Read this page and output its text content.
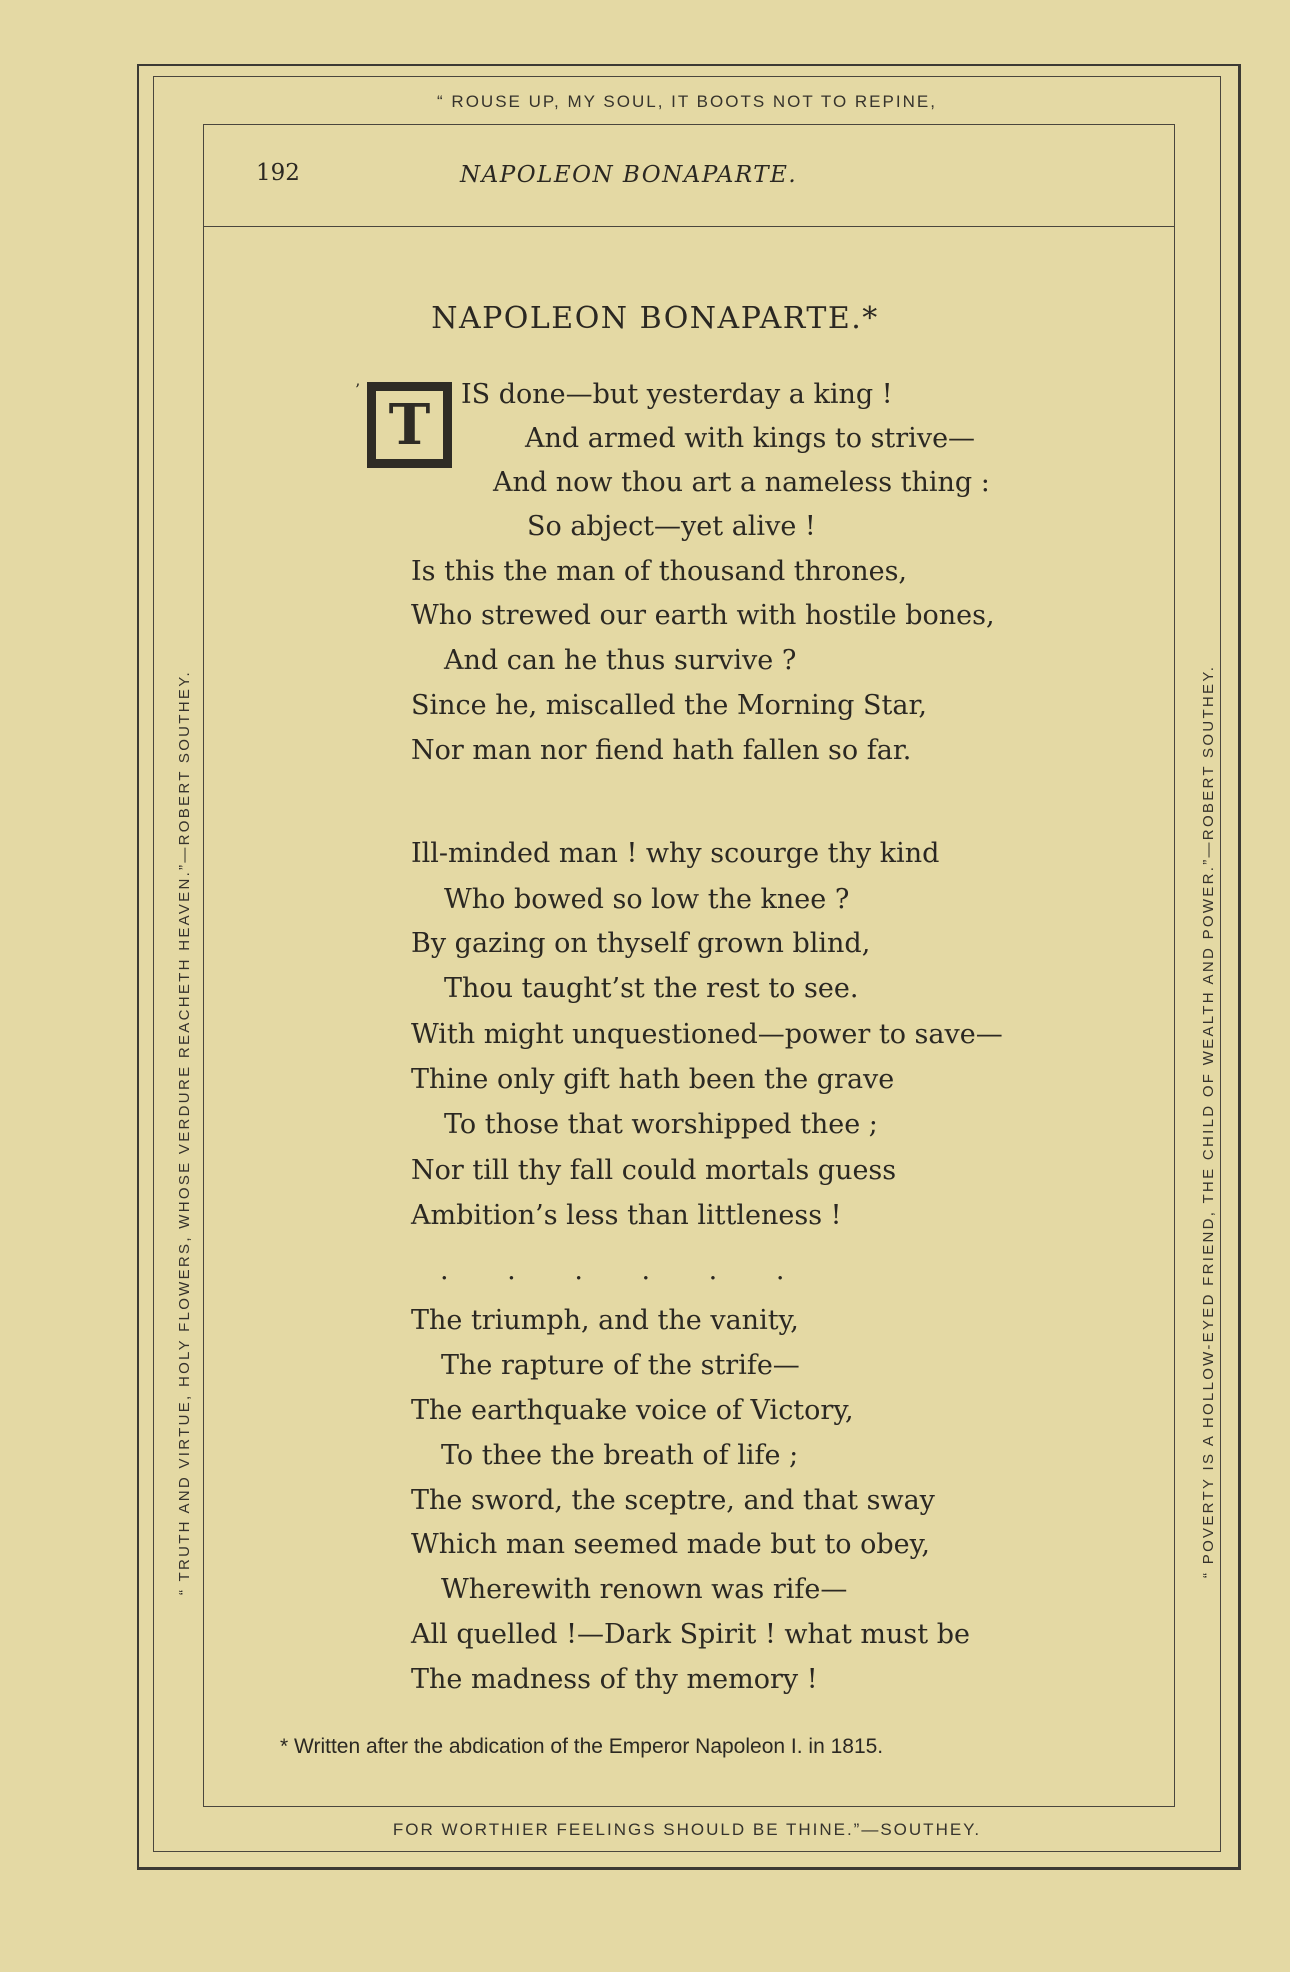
“ ROUSE UP, MY SOUL, IT BOOTS NOT TO REPINE,
FOR WORTHIER FEELINGS SHOULD BE THINE.”—SOUTHEY.
“ TRUTH AND VIRTUE, HOLY FLOWERS, WHOSE VERDURE REACHETH HEAVEN.”—ROBERT SOUTHEY.	“ POVERTY IS A HOLLOW-EYED FRIEND, THE CHILD OF WEALTH AND POWER.”—ROBERT SOUTHEY.
192	NAPOLEON BONAPARTE.
NAPOLEON BONAPARTE.*
’
T	IS done—but yesterday a king !
And armed with kings to strive—
And now thou art a nameless thing :
So abject—yet alive !
Is this the man of thousand thrones,
Who strewed our earth with hostile bones,
And can he thus survive ?
Since he, miscalled the Morning Star,
Nor man nor fiend hath fallen so far.
Ill-minded man ! why scourge thy kind
Who bowed so low the knee ?
By gazing on thyself grown blind,
Thou taught’st the rest to see.
With might unquestioned—power to save—
Thine only gift hath been the grave
To those that worshipped thee ;
Nor till thy fall could mortals guess
Ambition’s less than littleness !
. . . . . .
The triumph, and the vanity,
The rapture of the strife—
The earthquake voice of Victory,
To thee the breath of life ;
The sword, the sceptre, and that sway
Which man seemed made but to obey,
Wherewith renown was rife—
All quelled !—Dark Spirit ! what must be
The madness of thy memory !
* Written after the abdication of the Emperor Napoleon I. in 1815.
